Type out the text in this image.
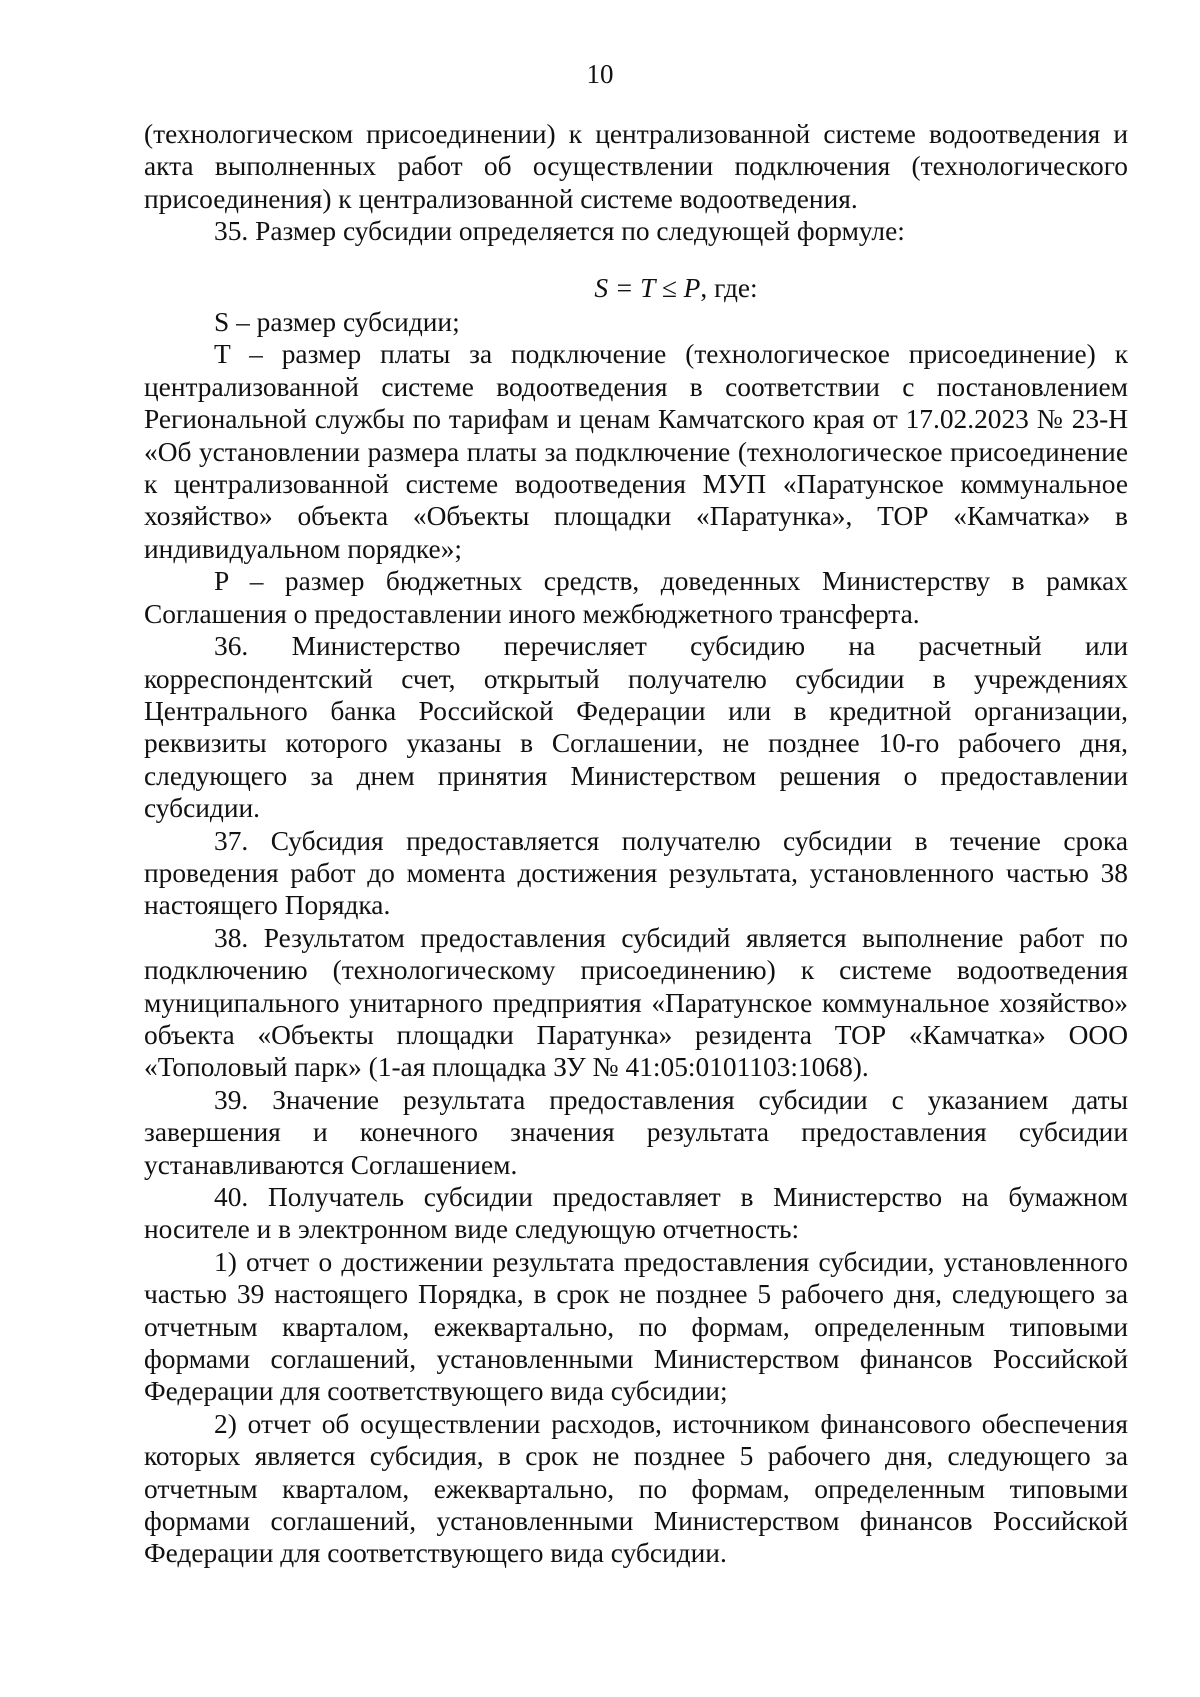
10

(технологическом присоединении) к централизованной системе водоотведения и акта выполненных работ об осуществлении подключения (технологического присоединения) к централизованной системе водоотведения.

35. Размер субсидии определяется по следующей формуле:

S = T ≤ P, где:

S – размер субсидии;

T – размер платы за подключение (технологическое присоединение) к централизованной системе водоотведения в соответствии с постановлением Региональной службы по тарифам и ценам Камчатского края от 17.02.2023 № 23-Н «Об установлении размера платы за подключение (технологическое присоединение к централизованной системе водоотведения МУП «Паратунское коммунальное хозяйство» объекта «Объекты площадки «Паратунка», ТОР «Камчатка» в индивидуальном порядке»;

P – размер бюджетных средств, доведенных Министерству в рамках Соглашения о предоставлении иного межбюджетного трансферта.

36. Министерство перечисляет субсидию на расчетный или корреспондентский счет, открытый получателю субсидии в учреждениях Центрального банка Российской Федерации или в кредитной организации, реквизиты которого указаны в Соглашении, не позднее 10-го рабочего дня, следующего за днем принятия Министерством решения о предоставлении субсидии.

37. Субсидия предоставляется получателю субсидии в течение срока проведения работ до момента достижения результата, установленного частью 38 настоящего Порядка.

38. Результатом предоставления субсидий является выполнение работ по подключению (технологическому присоединению) к системе водоотведения муниципального унитарного предприятия «Паратунское коммунальное хозяйство» объекта «Объекты площадки Паратунка» резидента ТОР «Камчатка» ООО «Тополовый парк» (1-ая площадка ЗУ № 41:05:0101103:1068).

39. Значение результата предоставления субсидии с указанием даты завершения и конечного значения результата предоставления субсидии устанавливаются Соглашением.

40. Получатель субсидии предоставляет в Министерство на бумажном носителе и в электронном виде следующую отчетность:

1) отчет о достижении результата предоставления субсидии, установленного частью 39 настоящего Порядка, в срок не позднее 5 рабочего дня, следующего за отчетным кварталом, ежеквартально, по формам, определенным типовыми формами соглашений, установленными Министерством финансов Российской Федерации для соответствующего вида субсидии;

2) отчет об осуществлении расходов, источником финансового обеспечения которых является субсидия, в срок не позднее 5 рабочего дня, следующего за отчетным кварталом, ежеквартально, по формам, определенным типовыми формами соглашений, установленными Министерством финансов Российской Федерации для соответствующего вида субсидии.
